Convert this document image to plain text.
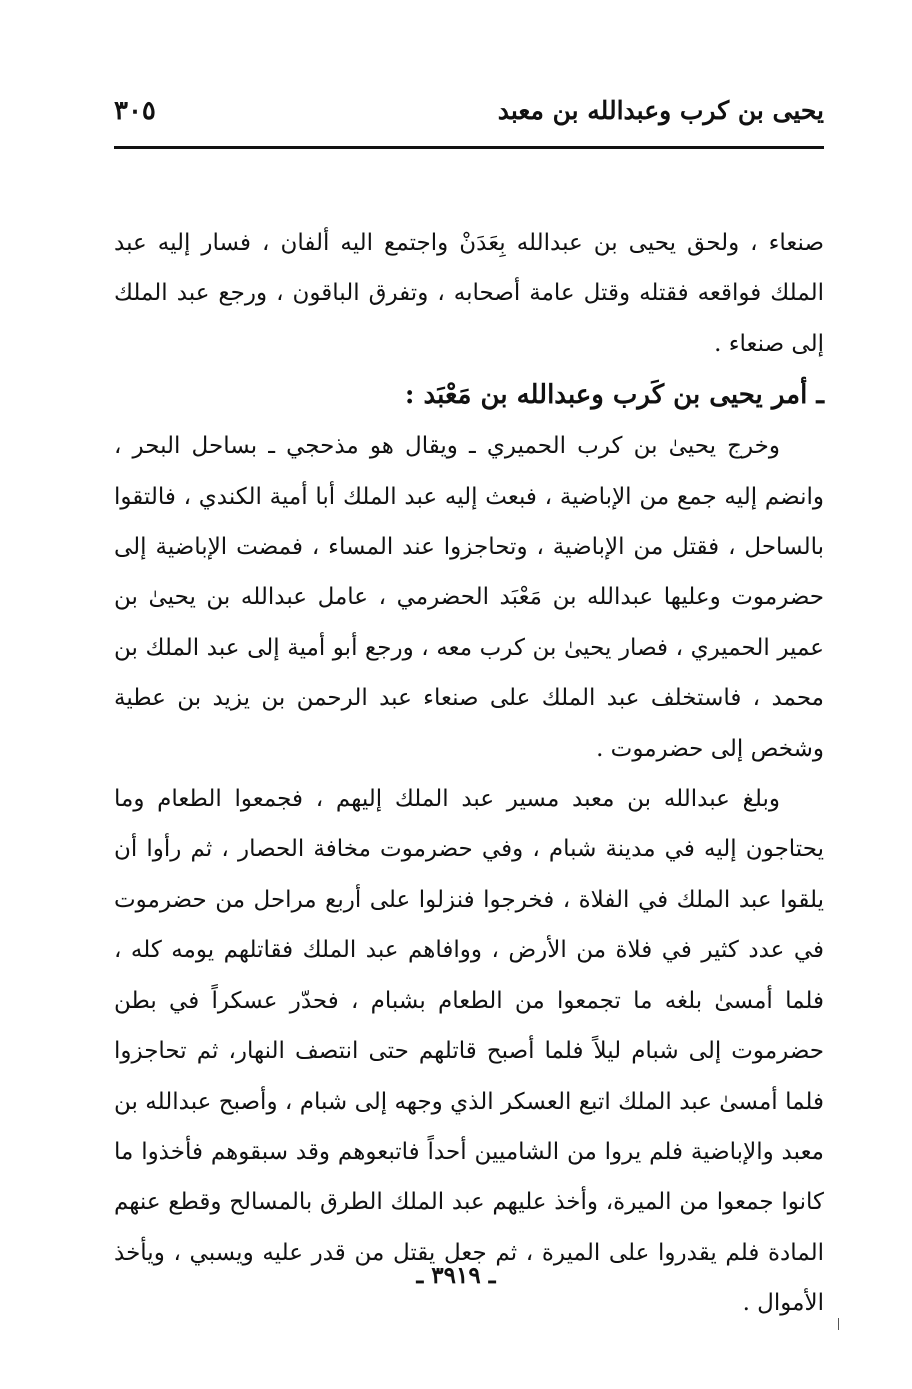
يحيى بن كرب وعبدالله بن معبد
٣٠٥

صنعاء ، ولحق يحيى بن عبدالله بِعَدَنْ واجتمع اليه ألفان ، فسار إليه عبد الملك فواقعه فقتله وقتل عامة أصحابه ، وتفرق الباقون ، ورجع عبد الملك إلى صنعاء .

ـ أمر يحيى بن كَرب وعبدالله بن مَعْبَد :

وخرج يحيىٰ بن كرب الحميري ـ ويقال هو مذحجي ـ بساحل البحر ، وانضم إليه جمع من الإباضية ، فبعث إليه عبد الملك أبا أمية الكندي ، فالتقوا بالساحل ، فقتل من الإباضية ، وتحاجزوا عند المساء ، فمضت الإباضية إلى حضرموت وعليها عبدالله بن مَعْبَد الحضرمي ، عامل عبدالله بن يحيىٰ بن عمير الحميري ، فصار يحيىٰ بن كرب معه ، ورجع أبو أمية إلى عبد الملك بن محمد ، فاستخلف عبد الملك على صنعاء عبد الرحمن بن يزيد بن عطية وشخص إلى حضرموت .

وبلغ عبدالله بن معبد مسير عبد الملك إليهم ، فجمعوا الطعام وما يحتاجون إليه في مدينة شبام ، وفي حضرموت مخافة الحصار ، ثم رأوا أن يلقوا عبد الملك في الفلاة ، فخرجوا فنزلوا على أربع مراحل من حضرموت في عدد كثير في فلاة من الأرض ، ووافاهم عبد الملك فقاتلهم يومه كله ، فلما أمسىٰ بلغه ما تجمعوا من الطعام بشبام ، فحدّر عسكراً في بطن حضرموت إلى شبام ليلاً فلما أصبح قاتلهم حتى انتصف النهار، ثم تحاجزوا فلما أمسىٰ عبد الملك اتبع العسكر الذي وجهه إلى شبام ، وأصبح عبدالله بن معبد والإباضية فلم يروا من الشاميين أحداً فاتبعوهم وقد سبقوهم فأخذوا ما كانوا جمعوا من الميرة، وأخذ عليهم عبد الملك الطرق بالمسالح وقطع عنهم المادة فلم يقدروا على الميرة ، ثم جعل يقتل من قدر عليه ويسبي ، ويأخذ الأموال .

ـ ٣٩١٩ ـ
